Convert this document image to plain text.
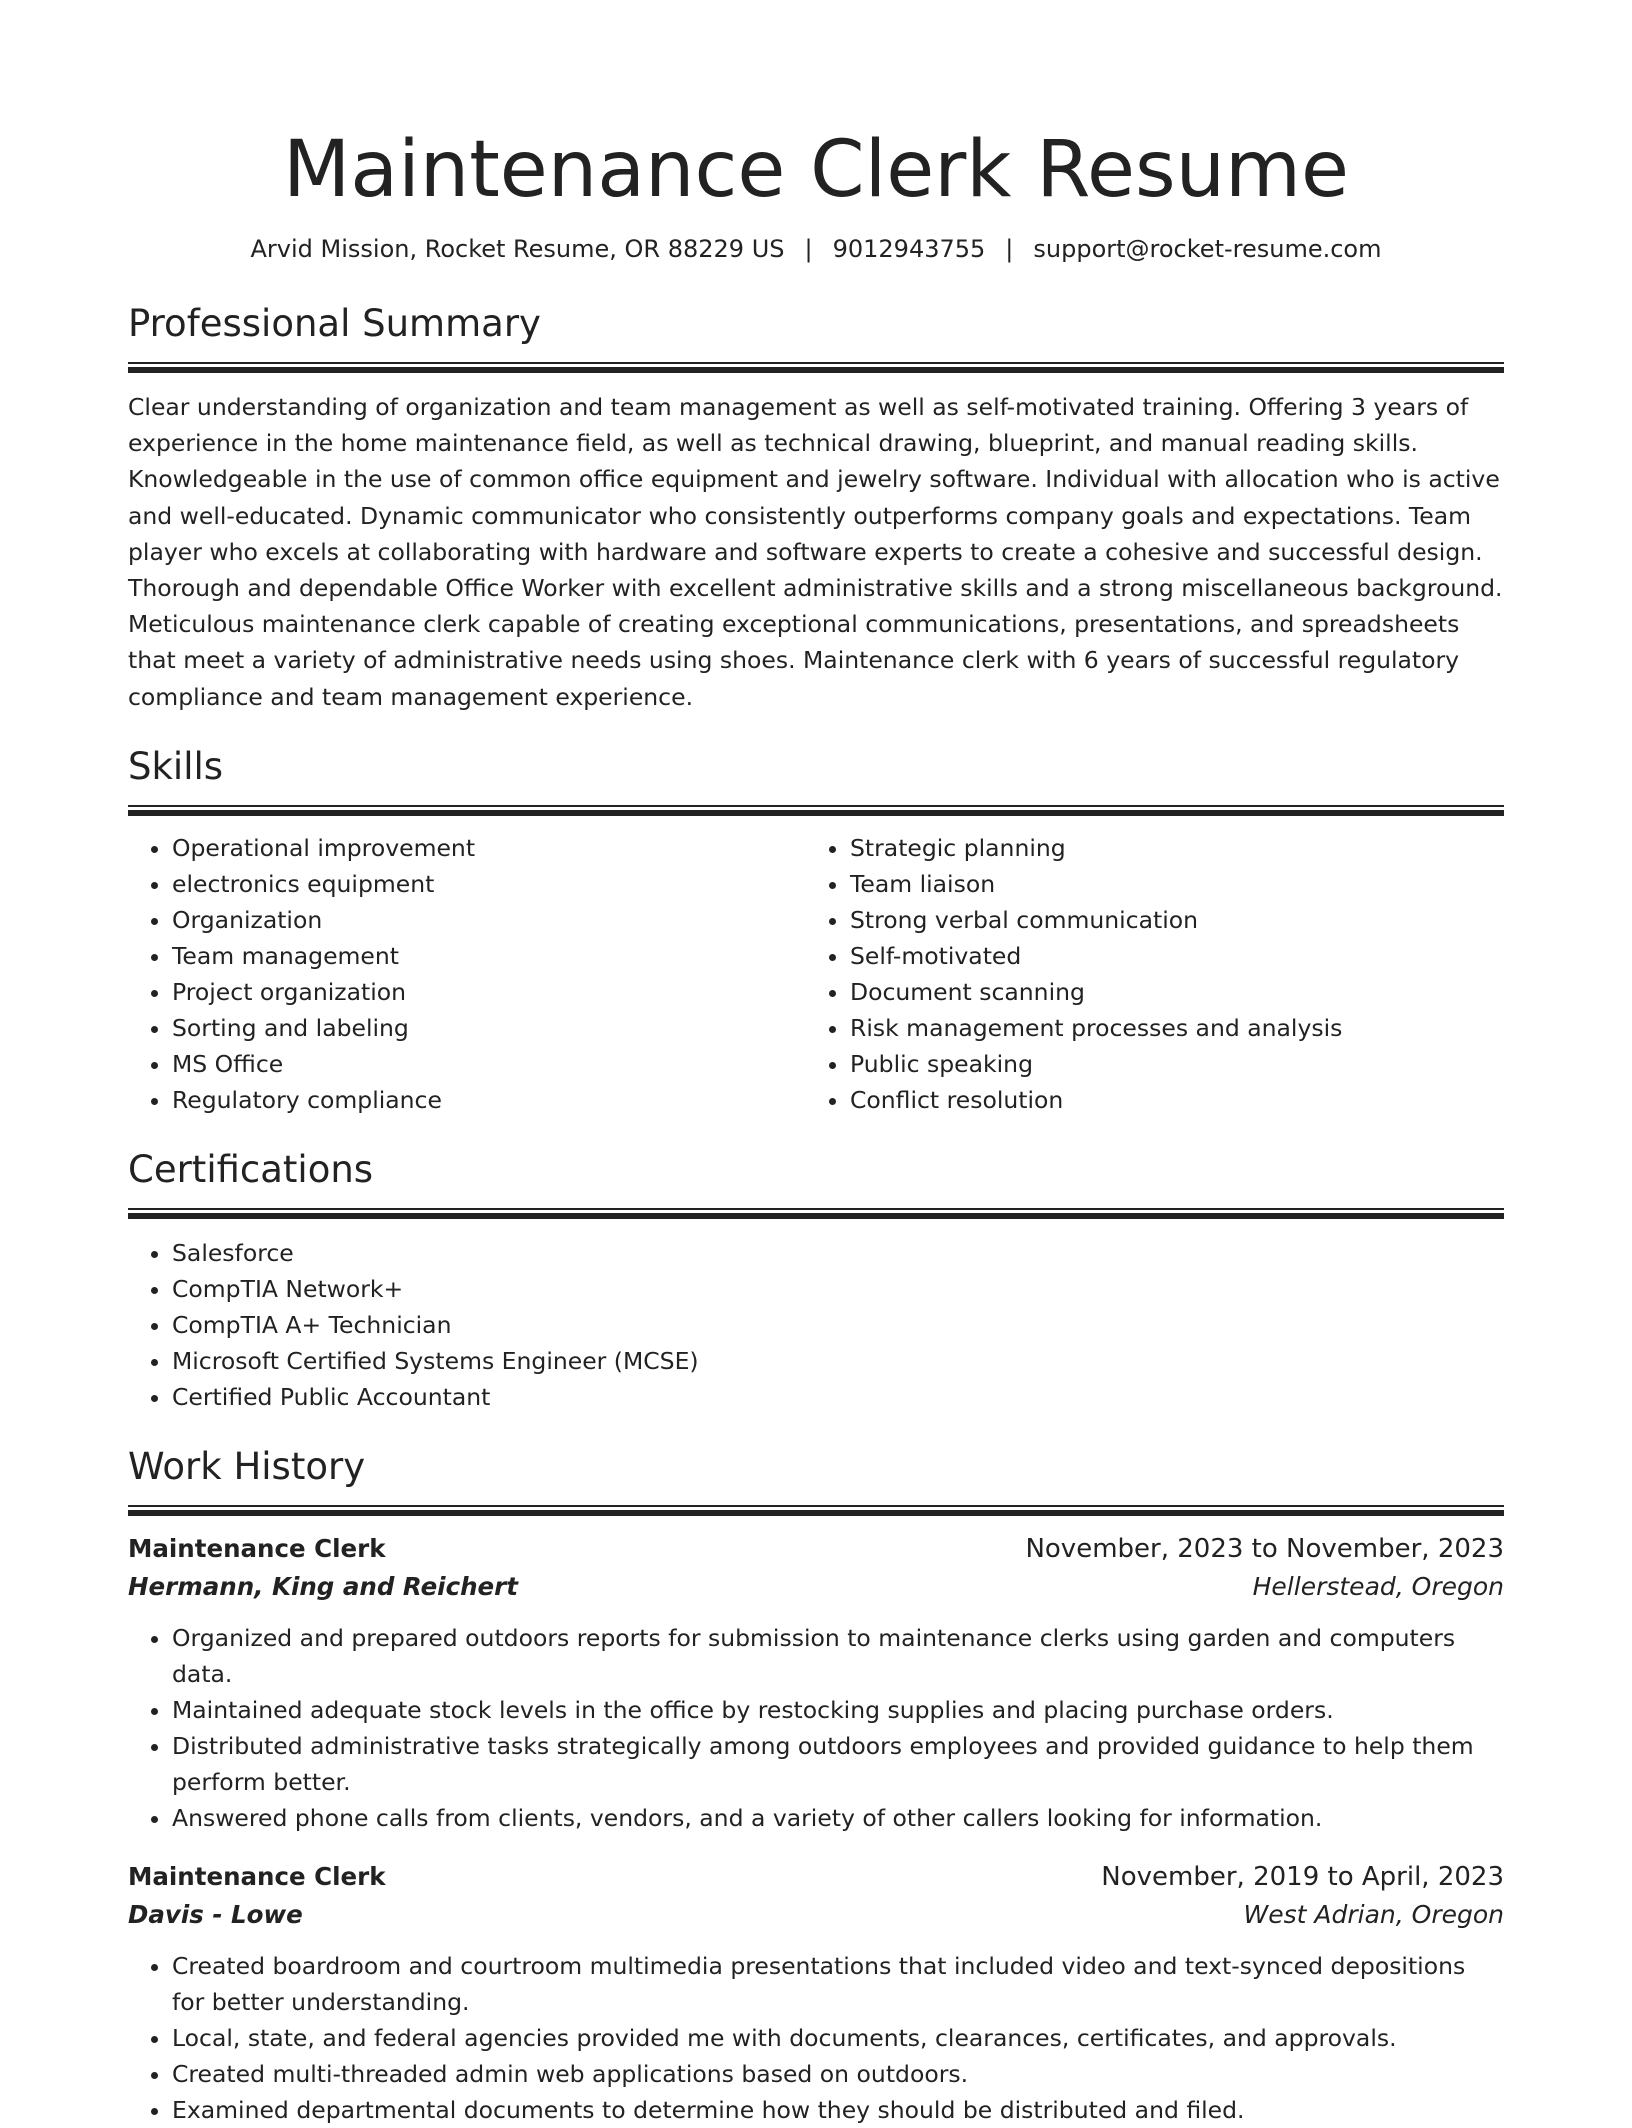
Maintenance Clerk Resume
Arvid Mission, Rocket Resume, OR 88229 US | 9012943755 | support@rocket-resume.com
Professional Summary

Clear understanding of organization and team management as well as self-motivated training. Offering 3 years of experience in the home maintenance field, as well as technical drawing, blueprint, and manual reading skills. Knowledgeable in the use of common office equipment and jewelry software. Individual with allocation who is active and well-educated. Dynamic communicator who consistently outperforms company goals and expectations. Team player who excels at collaborating with hardware and software experts to create a cohesive and successful design. Thorough and dependable Office Worker with excellent administrative skills and a strong miscellaneous background. Meticulous maintenance clerk capable of creating exceptional communications, presentations, and spreadsheets that meet a variety of administrative needs using shoes. Maintenance clerk with 6 years of successful regulatory compliance and team management experience.

Skills
• Operational improvement
• electronics equipment
• Organization
• Team management
• Project organization
• Sorting and labeling
• MS Office
• Regulatory compliance
• Strategic planning
• Team liaison
• Strong verbal communication
• Self-motivated
• Document scanning
• Risk management processes and analysis
• Public speaking
• Conflict resolution
Certifications
• Salesforce
• CompTIA Network+
• CompTIA A+ Technician
• Microsoft Certified Systems Engineer (MCSE)
• Certified Public Accountant
Work History
Maintenance Clerk	November, 2023 to November, 2023
Hermann, King and Reichert	Hellerstead, Oregon
• Organized and prepared outdoors reports for submission to maintenance clerks using garden and computers data.
• Maintained adequate stock levels in the office by restocking supplies and placing purchase orders.
• Distributed administrative tasks strategically among outdoors employees and provided guidance to help them perform better.
• Answered phone calls from clients, vendors, and a variety of other callers looking for information.
Maintenance Clerk	November, 2019 to April, 2023
Davis - Lowe	West Adrian, Oregon
• Created boardroom and courtroom multimedia presentations that included video and text-synced depositions for better understanding.
• Local, state, and federal agencies provided me with documents, clearances, certificates, and approvals.
• Created multi-threaded admin web applications based on outdoors.
• Examined departmental documents to determine how they should be distributed and filed.
